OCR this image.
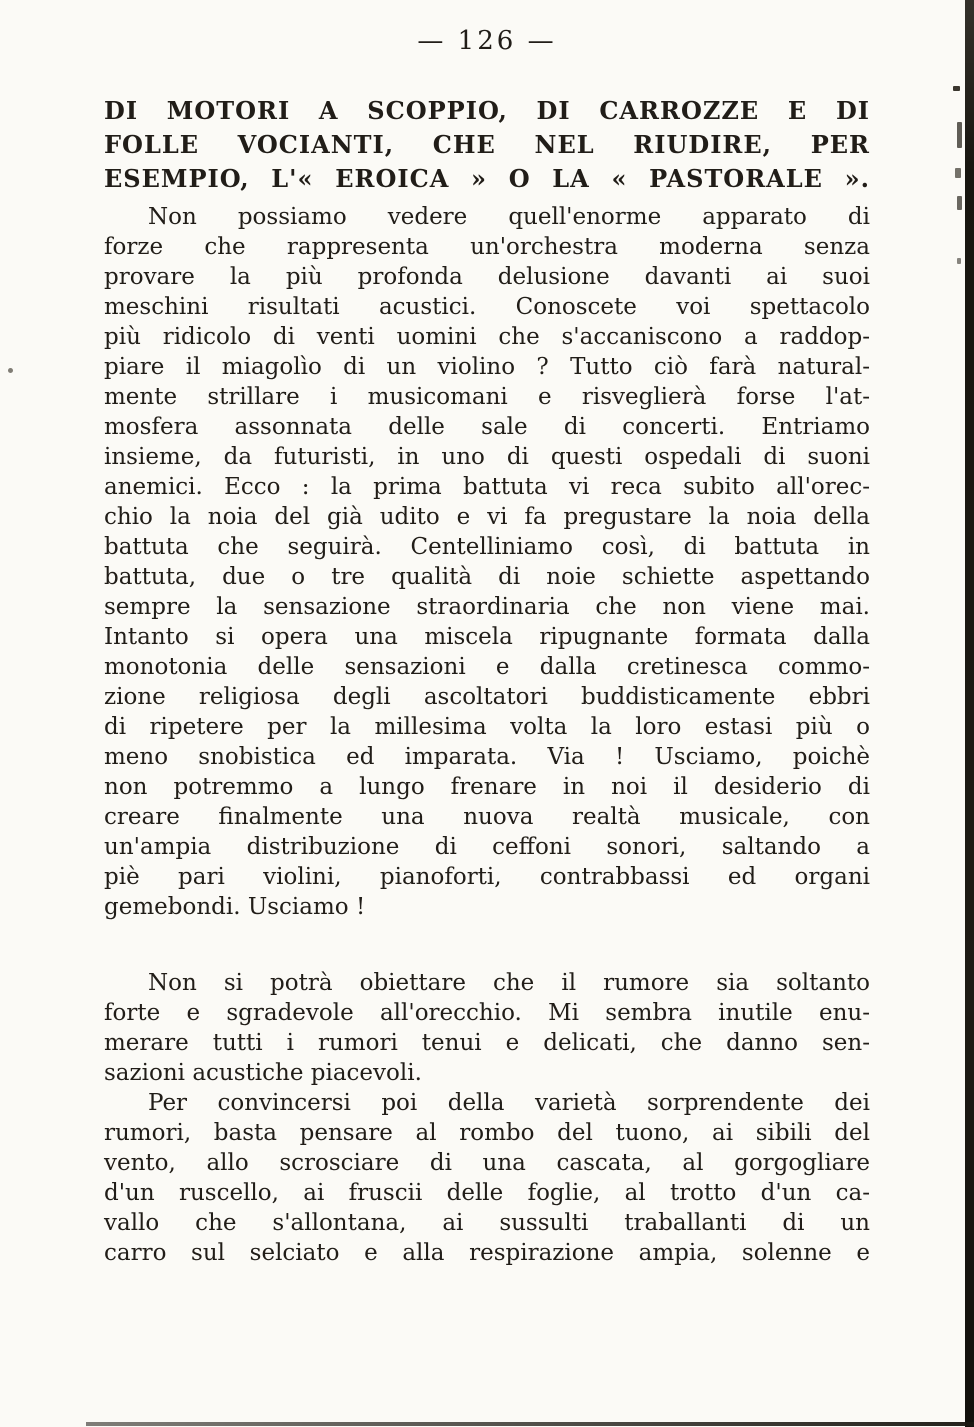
— 126 —
DI MOTORI A SCOPPIO, DI CARROZZE E DI
FOLLE VOCIANTI, CHE NEL RIUDIRE, PER
ESEMPIO, L'« EROICA » O LA « PASTORALE ».
Non possiamo vedere quell'enorme apparato di
forze che rappresenta un'orchestra moderna senza
provare la più profonda delusione davanti ai suoi
meschini risultati acustici. Conoscete voi spettacolo
più ridicolo di venti uomini che s'accaniscono a raddop-
piare il miagolìo di un violino ? Tutto ciò farà natural-
mente strillare i musicomani e risveglierà forse l'at-
mosfera assonnata delle sale di concerti. Entriamo
insieme, da futuristi, in uno di questi ospedali di suoni
anemici. Ecco : la prima battuta vi reca subito all'orec-
chio la noia del già udito e vi fa pregustare la noia della
battuta che seguirà. Centelliniamo così, di battuta in
battuta, due o tre qualità di noie schiette aspettando
sempre la sensazione straordinaria che non viene mai.
Intanto si opera una miscela ripugnante formata dalla
monotonia delle sensazioni e dalla cretinesca commo-
zione religiosa degli ascoltatori buddisticamente ebbri
di ripetere per la millesima volta la loro estasi più o
meno snobistica ed imparata. Via ! Usciamo, poichè
non potremmo a lungo frenare in noi il desiderio di
creare finalmente una nuova realtà musicale, con
un'ampia distribuzione di ceffoni sonori, saltando a
piè pari violini, pianoforti, contrabbassi ed organi
gemebondi. Usciamo !
Non si potrà obiettare che il rumore sia soltanto
forte e sgradevole all'orecchio. Mi sembra inutile enu-
merare tutti i rumori tenui e delicati, che danno sen-
sazioni acustiche piacevoli.
Per convincersi poi della varietà sorprendente dei
rumori, basta pensare al rombo del tuono, ai sibili del
vento, allo scrosciare di una cascata, al gorgogliare
d'un ruscello, ai fruscii delle foglie, al trotto d'un ca-
vallo che s'allontana, ai sussulti traballanti di un
carro sul selciato e alla respirazione ampia, solenne e
